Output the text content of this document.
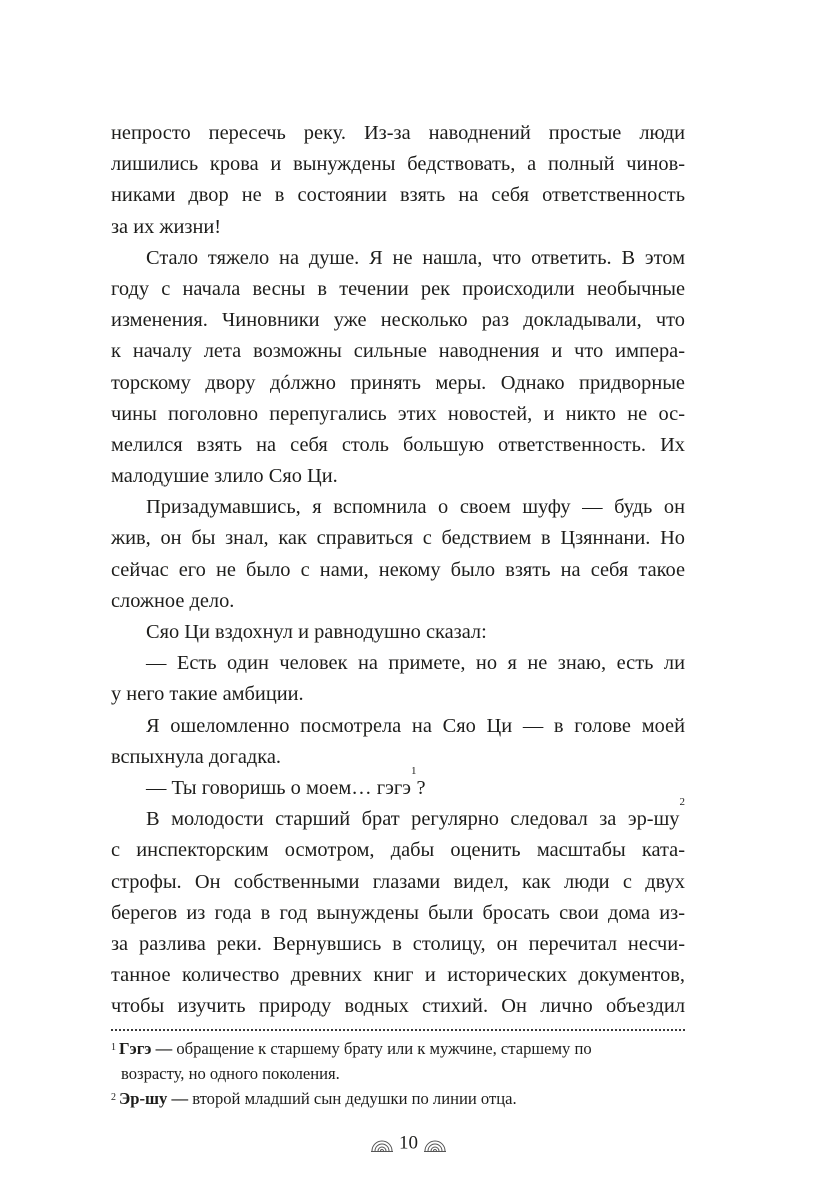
непросто пересечь реку. Из-за наводнений простые люди
лишились крова и вынуждены бедствовать, а полный чинов-
никами двор не в состоянии взять на себя ответственность
за их жизни!
Стало тяжело на душе. Я не нашла, что ответить. В этом
году с начала весны в течении рек происходили необычные
изменения. Чиновники уже несколько раз докладывали, что
к началу лета возможны сильные наводнения и что импера-
торскому двору дóлжно принять меры. Однако придворные
чины поголовно перепугались этих новостей, и никто не ос-
мелился взять на себя столь большую ответственность. Их
малодушие злило Сяо Ци.
Призадумавшись, я вспомнила о своем шуфу — будь он
жив, он бы знал, как справиться с бедствием в Цзяннани. Но
сейчас его не было с нами, некому было взять на себя такое
сложное дело.
Сяо Ци вздохнул и равнодушно сказал:
— Есть один человек на примете, но я не знаю, есть ли
у него такие амбиции.
Я ошеломленно посмотрела на Сяо Ци — в голове моей
вспыхнула догадка.
— Ты говоришь о моем… гэгэ$^1$?
В молодости старший брат регулярно следовал за $эр-шу^2$
с инспекторским осмотром, дабы оценить масштабы ката-
строфы. Он собственными глазами видел, как люди с двух
берегов из года в год вынуждены были бросать свои дома из-
за разлива реки. Вернувшись в столицу, он перечитал несчи-
танное количество древних книг и исторических документов,
чтобы изучить природу водных стихий. Он лично объездил
$^1$ Гэгэ — обращение к старшему брату или к мужчине, старшему по
возрасту, но одного поколения.
$^2$ Эр-шу — второй младший сын дедушки по линии отца.
10
